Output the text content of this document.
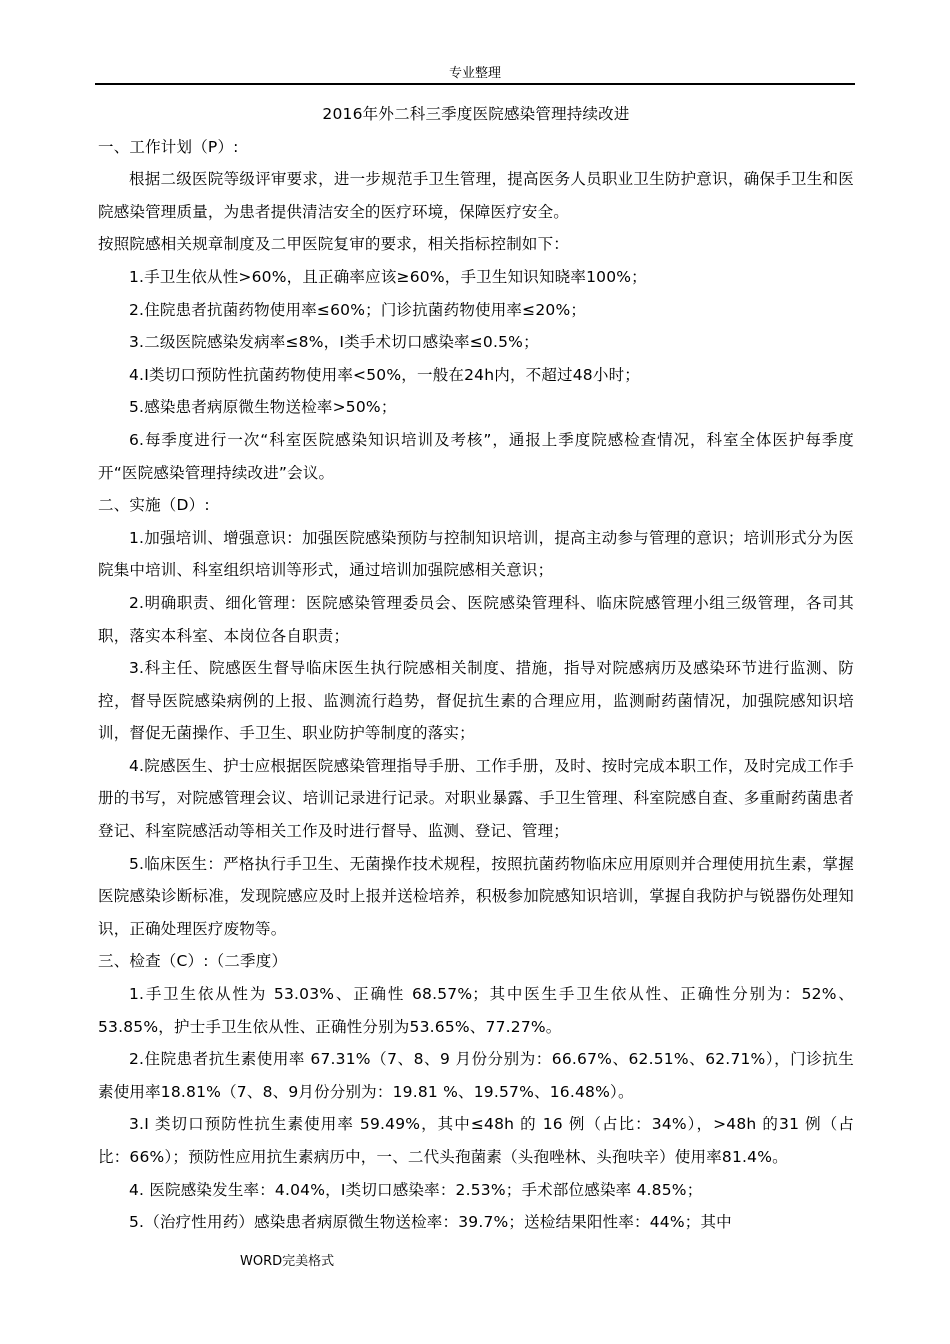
专业整理

2016年外二科三季度医院感染管理持续改进

一、工作计划（P）:

根据二级医院等级评审要求，进一步规范手卫生管理，提高医务人员职业卫生防护意识，确保手卫生和医院感染管理质量，为患者提供清洁安全的医疗环境，保障医疗安全。

按照院感相关规章制度及二甲医院复审的要求，相关指标控制如下：

1.手卫生依从性>60%，且正确率应该≥60%，手卫生知识知晓率100%；

2.住院患者抗菌药物使用率≤60%；门诊抗菌药物使用率≤20%；

3.二级医院感染发病率≤8%，I类手术切口感染率≤0.5%；

4.I类切口预防性抗菌药物使用率<50%，一般在24h内，不超过48小时；

5.感染患者病原微生物送检率>50%；

6.每季度进行一次“科室医院感染知识培训及考核”，通报上季度院感检查情况，科室全体医护每季度开“医院感染管理持续改进”会议。

二、实施（D）:

1.加强培训、增强意识：加强医院感染预防与控制知识培训，提高主动参与管理的意识；培训形式分为医院集中培训、科室组织培训等形式，通过培训加强院感相关意识；

2.明确职责、细化管理：医院感染管理委员会、医院感染管理科、临床院感管理小组三级管理，各司其职，落实本科室、本岗位各自职责；

3.科主任、院感医生督导临床医生执行院感相关制度、措施，指导对院感病历及感染环节进行监测、防控，督导医院感染病例的上报、监测流行趋势，督促抗生素的合理应用，监测耐药菌情况，加强院感知识培训，督促无菌操作、手卫生、职业防护等制度的落实；

4.院感医生、护士应根据医院感染管理指导手册、工作手册，及时、按时完成本职工作，及时完成工作手册的书写，对院感管理会议、培训记录进行记录。对职业暴露、手卫生管理、科室院感自查、多重耐药菌患者登记、科室院感活动等相关工作及时进行督导、监测、登记、管理；

5.临床医生：严格执行手卫生、无菌操作技术规程，按照抗菌药物临床应用原则并合理使用抗生素，掌握医院感染诊断标准，发现院感应及时上报并送检培养，积极参加院感知识培训，掌握自我防护与锐器伤处理知识，正确处理医疗废物等。

三、检查（C）:（二季度）

1.手卫生依从性为 53.03%、正确性 68.57%；其中医生手卫生依从性、正确性分别为：52%、53.85%，护士手卫生依从性、正确性分别为53.65%、77.27%。

2.住院患者抗生素使用率 67.31%（7、8、9 月份分别为：66.67%、62.51%、62.71%），门诊抗生素使用率18.81%（7、8、9月份分别为：19.81 %、19.57%、16.48%）。

3.I 类切口预防性抗生素使用率 59.49%，其中≤48h 的 16 例（占比：34%），>48h 的31 例（占比：66%）；预防性应用抗生素病历中，一、二代头孢菌素（头孢唑林、头孢呋辛）使用率81.4%。

4. 医院感染发生率：4.04%，I类切口感染率：2.53%；手术部位感染率 4.85%；

5.（治疗性用药）感染患者病原微生物送检率：39.7%；送检结果阳性率：44%；其中

WORD完美格式
